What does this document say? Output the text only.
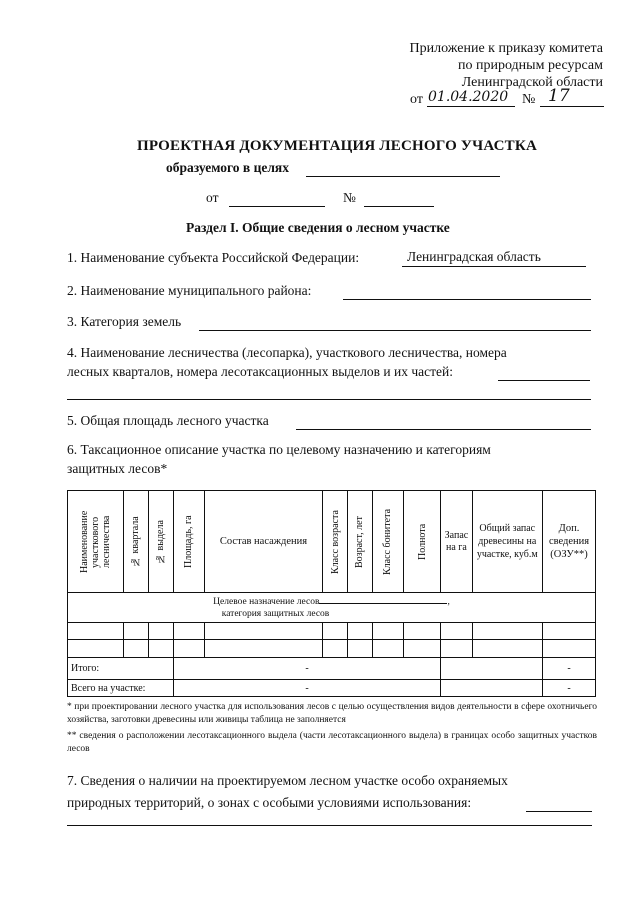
Приложение к приказу комитета
по природным ресурсам
Ленинградской области
от 01.04.2020 № 17
ПРОЕКТНАЯ ДОКУМЕНТАЦИЯ ЛЕСНОГО УЧАСТКА
образуемого в целях
от	№
Раздел I. Общие сведения о лесном участке
1. Наименование субъекта Российской Федерации:	Ленинградская область
2. Наименование муниципального района:
3. Категория земель
4. Наименование лесничества (лесопарка), участкового лесничества, номера
лесных кварталов, номера лесотаксационных выделов и их частей:
5. Общая площадь лесного участка
6. Таксационное описание участка по целевому назначению и категориям
защитных лесов*
Наименование участкового лесничества	№ квартала	№ выдела	Площадь, га	Состав насаждения	Класс возраста	Возраст, лет	Класс бонитета	Полнота	Запас на га	Общий запас древесины на участке, куб.м	Доп. сведения (ОЗУ**)
Целевое назначение лесов ,
категория защитных лесов											

Итого:			-								-
Всего на участке:			-								-
* при проектировании лесного участка для использования лесов с целью осуществления видов деятельности в сфере охотничьего хозяйства, заготовки древесины или живицы таблица не заполняется
** сведения о расположении лесотаксационного выдела (части лесотаксационного выдела) в границах особо защитных участков лесов
7. Сведения о наличии на проектируемом лесном участке особо охраняемых
природных территорий, о зонах с особыми условиями использования:
